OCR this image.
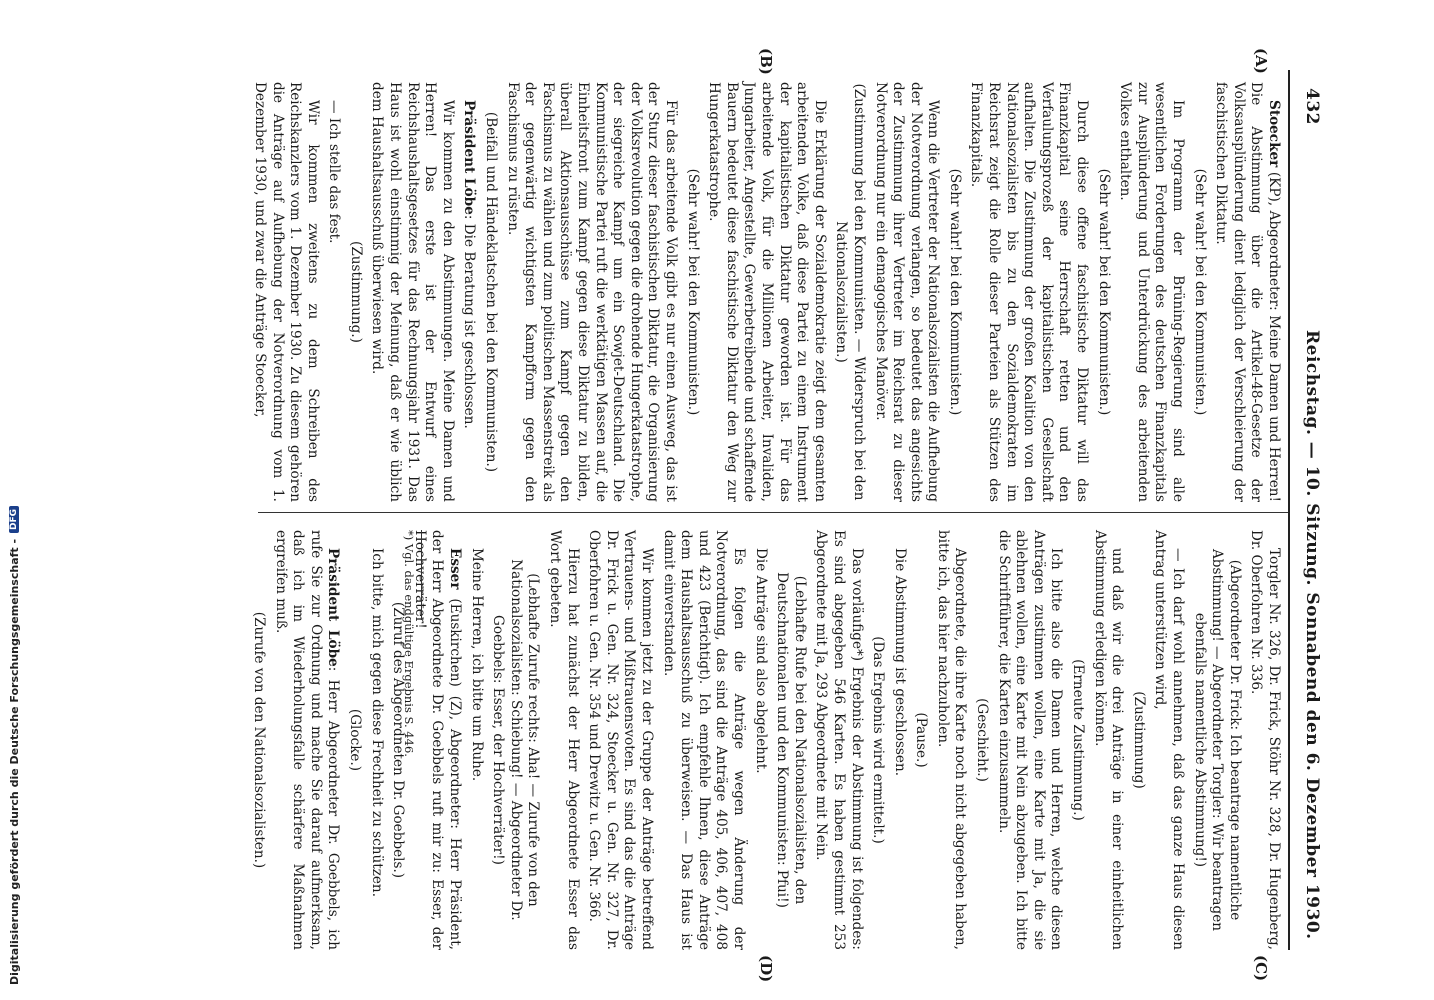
432
Reichstag. — 10. Sitzung. Sonnabend den 6. Dezember 1930.
(A)
(B)
(C)
(D)

Stoecker (KP), Abgeordneter: Meine Damen und Herren! Die Abstimmung über die Artikel-48-Gesetze der Volksausplünderung dient lediglich der Verschleierung der faschistischen Diktatur.

(Sehr wahr! bei den Kommunisten.)

Im Programm der Brüning-Regierung sind alle wesentlichen Forderungen des deutschen Finanzkapitals zur Ausplünderung und Unterdrückung des arbeitenden Volkes enthalten.

(Sehr wahr! bei den Kommunisten.)

Durch diese offene faschistische Diktatur will das Finanzkapital seine Herrschaft retten und den Verfaulungsprozeß der kapitalistischen Gesellschaft aufhalten. Die Zustimmung der großen Koalition von den Nationalsozialisten bis zu den Sozialdemokraten im Reichsrat zeigt die Rolle dieser Parteien als Stützen des Finanzkapitals.

(Sehr wahr! bei den Kommunisten.)

Wenn die Vertreter der Nationalsozialisten die Aufhebung der Notverordnung verlangen, so bedeutet das angesichts der Zustimmung ihrer Vertreter im Reichsrat zu dieser Notverordnung nur ein demagogisches Manöver.

(Zustimmung bei den Kommunisten. — Widerspruch bei den Nationalsozialisten.)

Die Erklärung der Sozialdemokratie zeigt dem gesamten arbeitenden Volke, daß diese Partei zu einem Instrument der kapitalistischen Diktatur geworden ist. Für das arbeitende Volk, für die Millionen Arbeiter, Invaliden, Jungarbeiter, Angestellte, Gewerbetreibende und schaffende Bauern bedeutet diese faschistische Diktatur den Weg zur Hungerkatastrophe.

(Sehr wahr! bei den Kommunisten.)

Für das arbeitende Volk gibt es nur einen Ausweg, das ist der Sturz dieser faschistischen Diktatur, die Organisierung der Volksrevolution gegen die drohende Hungerkatastrophe, der siegreiche Kampf um ein Sowjet-Deutschland. Die Kommunistische Partei ruft die werktätigen Massen auf, die Einheitsfront zum Kampf gegen diese Diktatur zu bilden, überall Aktionsausschüsse zum Kampf gegen den Faschismus zu wählen und zum politischen Massenstreik als der gegenwärtig wichtigsten Kampfform gegen den Faschismus zu rüsten.

(Beifall und Händeklatschen bei den Kommunisten.)

Präsident Löbe: Die Beratung ist geschlossen.

Wir kommen zu den Abstimmungen. Meine Damen und Herren! Das erste ist der Entwurf eines Reichshaushaltsgesetzes für das Rechnungsjahr 1931. Das Haus ist wohl einstimmig der Meinung, daß er wie üblich dem Haushaltsausschuß überwiesen wird.

(Zustimmung.)

— Ich stelle das fest.

Wir kommen zweitens zu dem Schreiben des Reichskanzlers vom 1. Dezember 1930. Zu diesem gehören die Anträge auf Aufhebung der Notverordnung vom 1. Dezember 1930, und zwar die Anträge Stoecker,

Torgler Nr. 326, Dr. Frick, Stöhr Nr. 328, Dr. Hugenberg, Dr. Oberfohren Nr. 336.

(Abgeordneter Dr. Frick: Ich beantrage namentliche Abstimmung! — Abgeordneter Torgler: Wir beantragen ebenfalls namentliche Abstimmung!)

— Ich darf wohl annehmen, daß das ganze Haus diesen Antrag unterstützen wird,

(Zustimmung)

und daß wir die drei Anträge in einer einheitlichen Abstimmung erledigen können.

(Erneute Zustimmung.)

Ich bitte also die Damen und Herren, welche diesen Anträgen zustimmen wollen, eine Karte mit Ja, die sie ablehnen wollen, eine Karte mit Nein abzugeben. Ich bitte die Schriftführer, die Karten einzusammeln.

(Geschieht.)

Abgeordnete, die ihre Karte noch nicht abgegeben haben, bitte ich, das hier nachzuholen.

(Pause.)

Die Abstimmung ist geschlossen.

(Das Ergebnis wird ermittelt.)

Das vorläufige*) Ergebnis der Abstimmung ist folgendes: Es sind abgegeben 546 Karten. Es haben gestimmt 253 Abgeordnete mit Ja, 293 Abgeordnete mit Nein.

(Lebhafte Rufe bei den Nationalsozialisten, den Deutschnationalen und den Kommunisten: Pfui!)

Die Anträge sind also abgelehnt.

Es folgen die Anträge wegen Änderung der Notverordnung, das sind die Anträge 405, 406, 407, 408 und 423 (Berichtigt). Ich empfehle Ihnen, diese Anträge dem Haushaltsausschuß zu überweisen. — Das Haus ist damit einverstanden.

Wir kommen jetzt zu der Gruppe der Anträge betreffend Vertrauens- und Mißtrauensvoten. Es sind das die Anträge Dr. Frick u. Gen. Nr. 324, Stoecker u. Gen. Nr. 327, Dr. Oberfohren u. Gen. Nr. 354 und Drewitz u. Gen. Nr. 366.

Hierzu hat zunächst der Herr Abgeordnete Esser das Wort gebeten.

(Lebhafte Zurufe rechts: Aha! — Zurufe von den Nationalsozialisten: Schiebung! — Abgeordneter Dr. Goebbels: Esser, der Hochverräter!)

Meine Herren, ich bitte um Ruhe.

Esser (Euskirchen) (Z), Abgeordneter: Herr Präsident, der Herr Abgeordnete Dr. Goebbels ruft mir zu: Esser, der Hochverräter!

(Zuruf des Abgeordneten Dr. Goebbels.)

Ich bitte, mich gegen diese Frechheit zu schützen.

(Glocke.)

Präsident Löbe: Herr Abgeordneter Dr. Goebbels, ich rufe Sie zur Ordnung und mache Sie darauf aufmerksam, daß ich im Wiederholungsfalle schärfere Maßnahmen ergreifen muß.

(Zurufe von den Nationalsozialisten.)	*) Vgl. das endgültige Ergebnis S. 446.
Digitalisierung gefördert durch die Deutsche Forschungsgemeinschaft -
DFG
